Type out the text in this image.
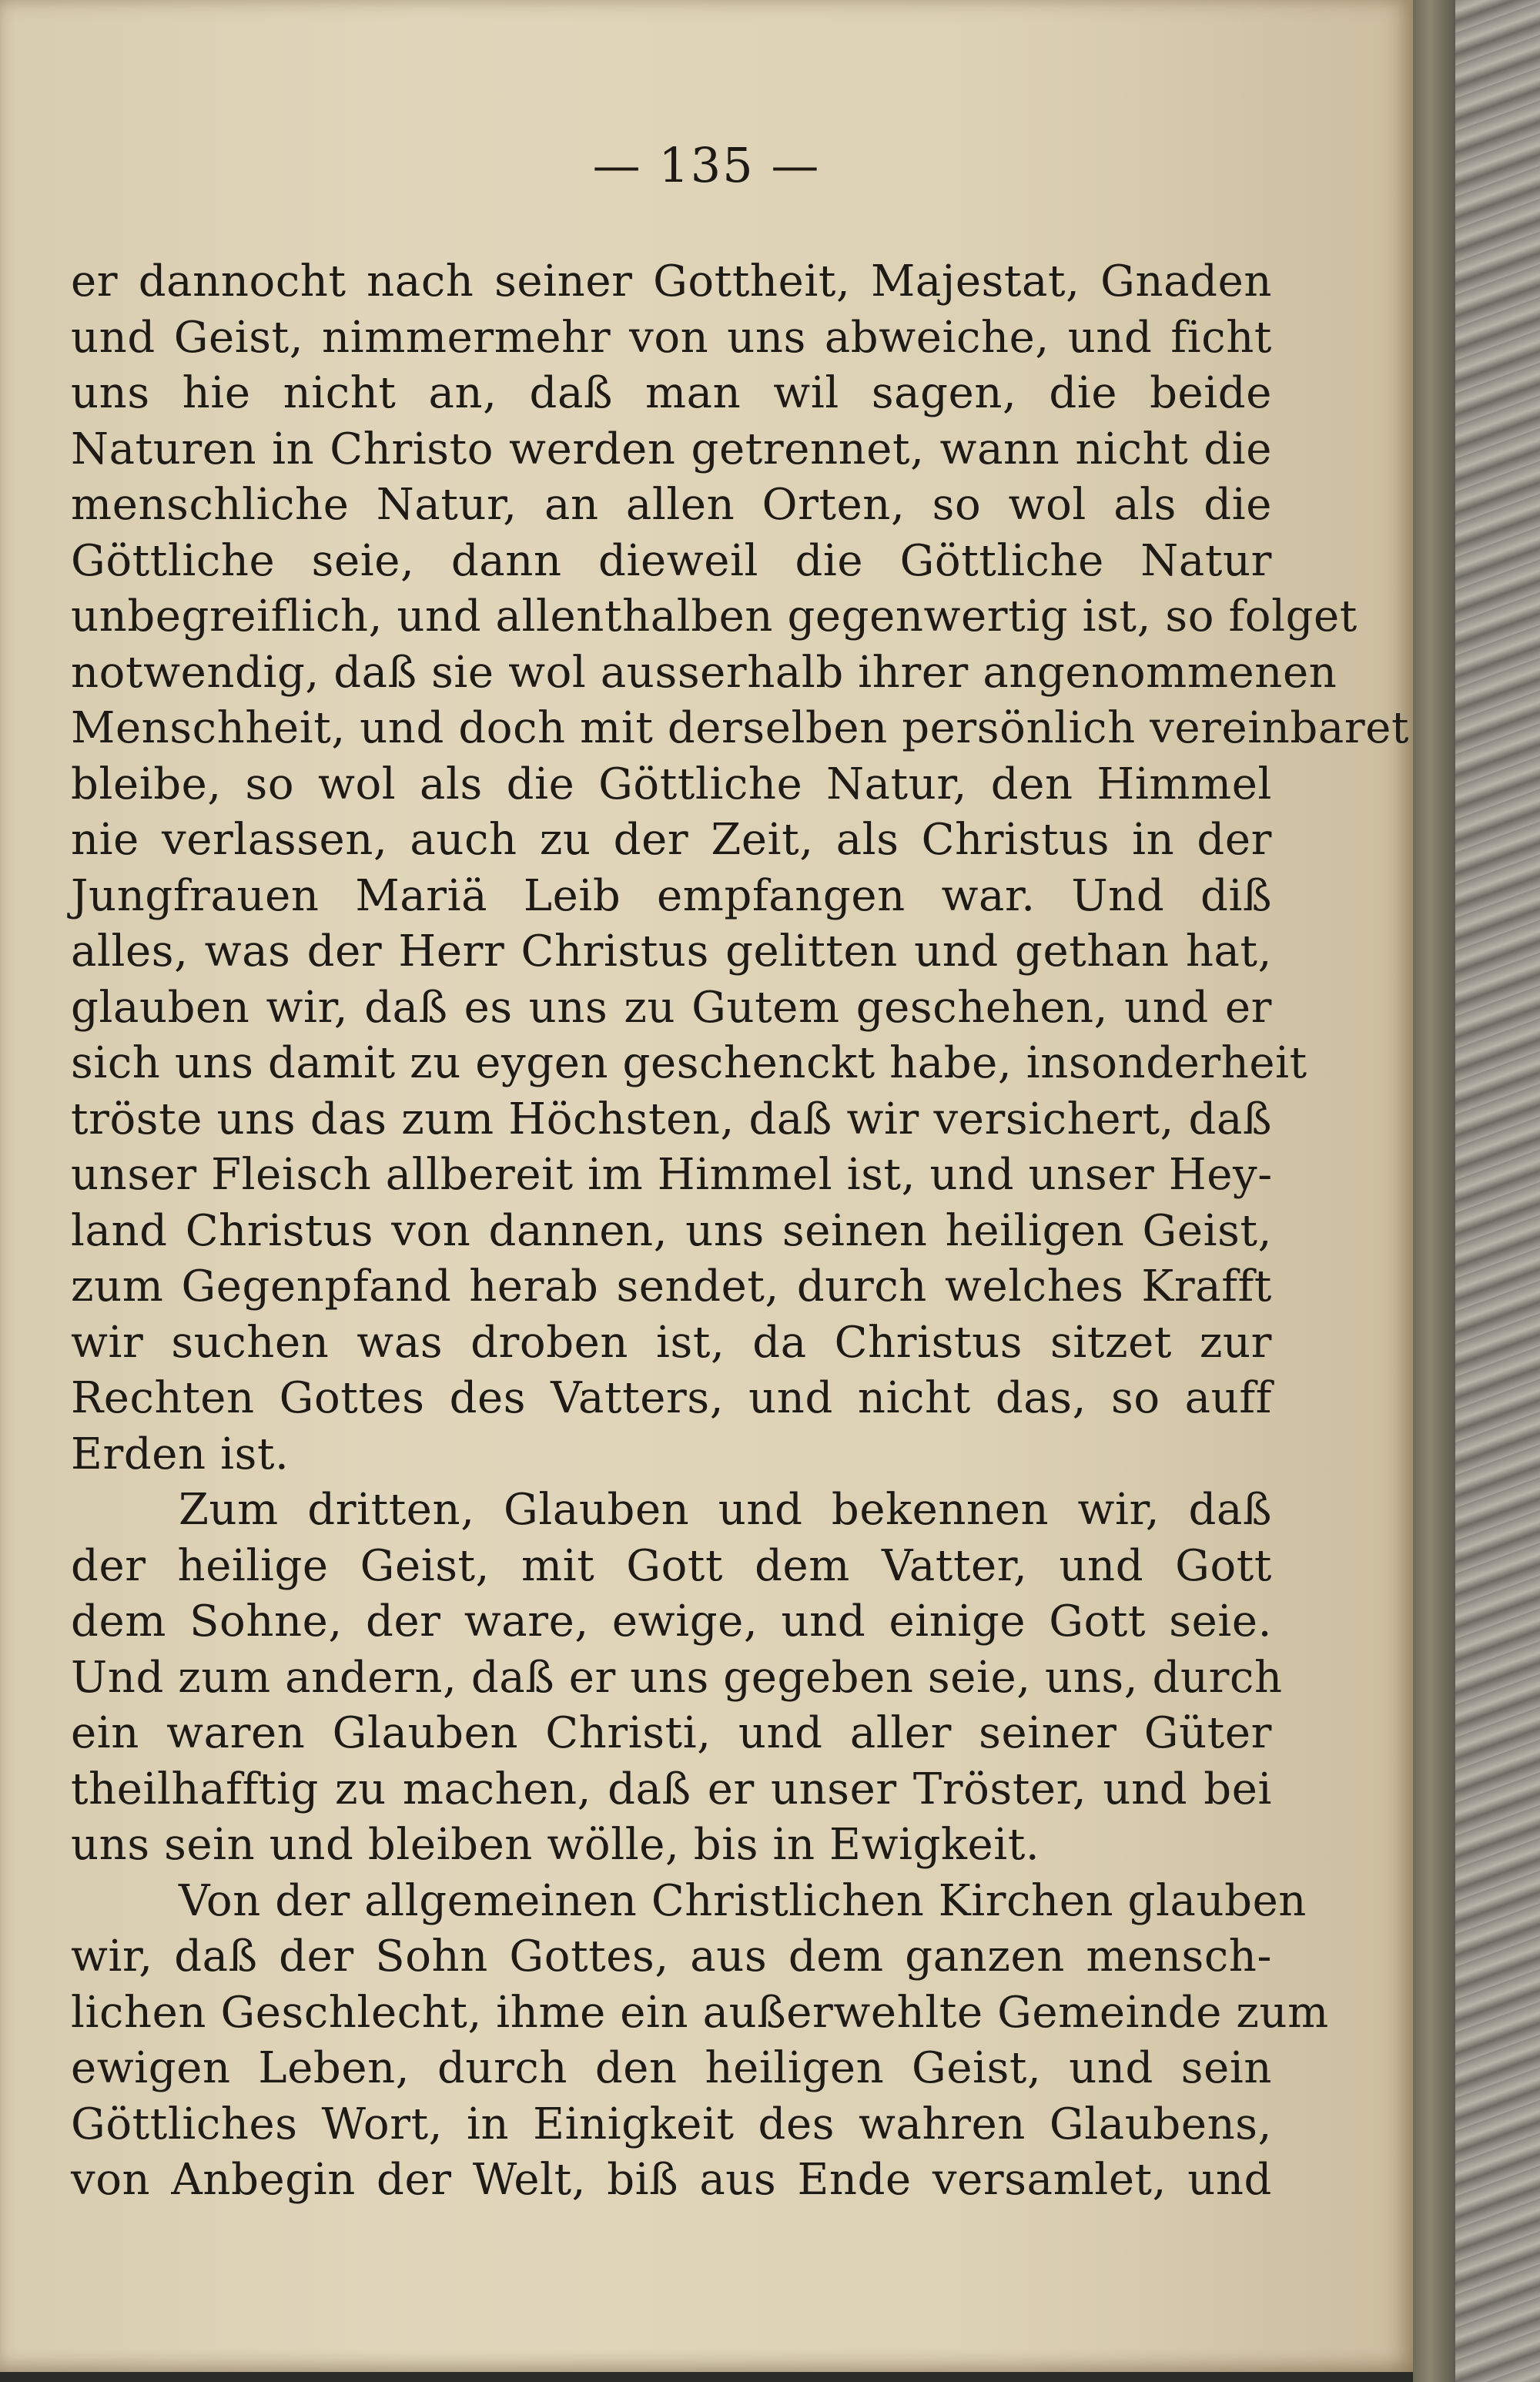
— 135 —
er dannocht nach seiner Gottheit, Majestat, Gnaden
und Geist, nimmermehr von uns abweiche, und ficht
uns hie nicht an, daß man wil sagen, die beide
Naturen in Christo werden getrennet, wann nicht die
menschliche Natur, an allen Orten, so wol als die
Göttliche seie, dann dieweil die Göttliche Natur
unbegreiflich, und allenthalben gegenwertig ist, so folget
notwendig, daß sie wol ausserhalb ihrer angenommenen
Menschheit, und doch mit derselben persönlich vereinbaret
bleibe, so wol als die Göttliche Natur, den Himmel
nie verlassen, auch zu der Zeit, als Christus in der
Jungfrauen Mariä Leib empfangen war. Und diß
alles, was der Herr Christus gelitten und gethan hat,
glauben wir, daß es uns zu Gutem geschehen, und er
sich uns damit zu eygen geschenckt habe, insonderheit
tröste uns das zum Höchsten, daß wir versichert, daß
unser Fleisch allbereit im Himmel ist, und unser Hey-
land Christus von dannen, uns seinen heiligen Geist,
zum Gegenpfand herab sendet, durch welches Krafft
wir suchen was droben ist, da Christus sitzet zur
Rechten Gottes des Vatters, und nicht das, so auff
Erden ist.
Zum dritten, Glauben und bekennen wir, daß
der heilige Geist, mit Gott dem Vatter, und Gott
dem Sohne, der ware, ewige, und einige Gott seie.
Und zum andern, daß er uns gegeben seie, uns, durch
ein waren Glauben Christi, und aller seiner Güter
theilhafftig zu machen, daß er unser Tröster, und bei
uns sein und bleiben wölle, bis in Ewigkeit.
Von der allgemeinen Christlichen Kirchen glauben
wir, daß der Sohn Gottes, aus dem ganzen mensch-
lichen Geschlecht, ihme ein außerwehlte Gemeinde zum
ewigen Leben, durch den heiligen Geist, und sein
Göttliches Wort, in Einigkeit des wahren Glaubens,
von Anbegin der Welt, biß aus Ende versamlet, und
